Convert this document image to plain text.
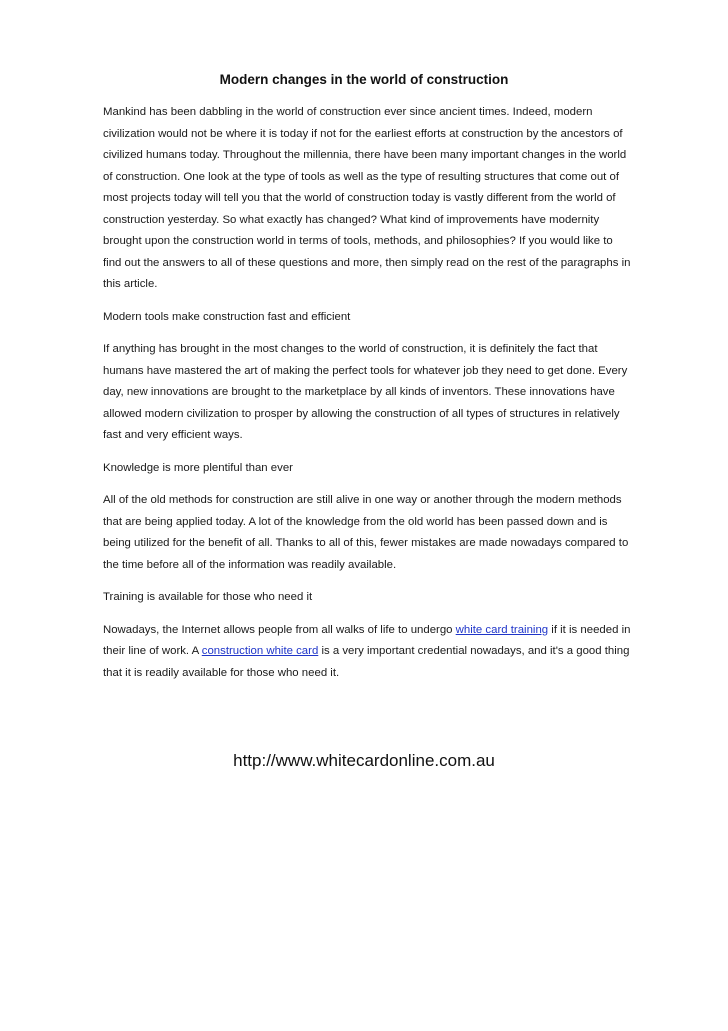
Modern changes in the world of construction

Mankind has been dabbling in the world of construction ever since ancient times. Indeed, modern civilization would not be where it is today if not for the earliest efforts at construction by the ancestors of civilized humans today. Throughout the millennia, there have been many important changes in the world of construction. One look at the type of tools as well as the type of resulting structures that come out of most projects today will tell you that the world of construction today is vastly different from the world of construction yesterday. So what exactly has changed? What kind of improvements have modernity brought upon the construction world in terms of tools, methods, and philosophies? If you would like to find out the answers to all of these questions and more, then simply read on the rest of the paragraphs in this article.

Modern tools make construction fast and efficient

If anything has brought in the most changes to the world of construction, it is definitely the fact that humans have mastered the art of making the perfect tools for whatever job they need to get done. Every day, new innovations are brought to the marketplace by all kinds of inventors. These innovations have allowed modern civilization to prosper by allowing the construction of all types of structures in relatively fast and very efficient ways.

Knowledge is more plentiful than ever

All of the old methods for construction are still alive in one way or another through the modern methods that are being applied today. A lot of the knowledge from the old world has been passed down and is being utilized for the benefit of all. Thanks to all of this, fewer mistakes are made nowadays compared to the time before all of the information was readily available.

Training is available for those who need it

Nowadays, the Internet allows people from all walks of life to undergo white card training if it is needed in their line of work. A construction white card is a very important credential nowadays, and it's a good thing that it is readily available for those who need it.

http://www.whitecardonline.com.au
